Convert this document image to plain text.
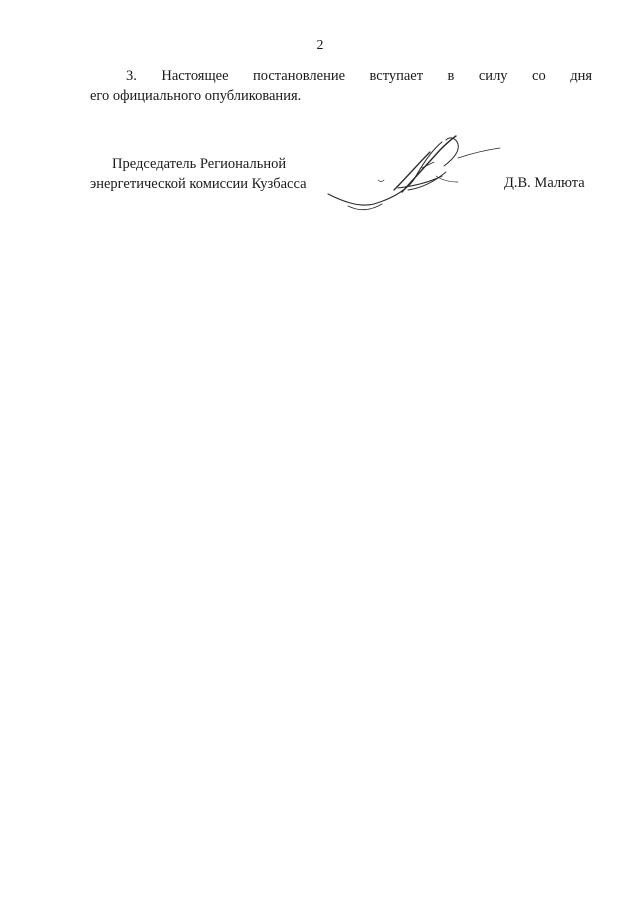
2
3. Настоящее постановление вступает в силу со дня
его официального опубликования.
Председатель Региональной
энергетической комиссии Кузбасса	Д.В. Малюта
